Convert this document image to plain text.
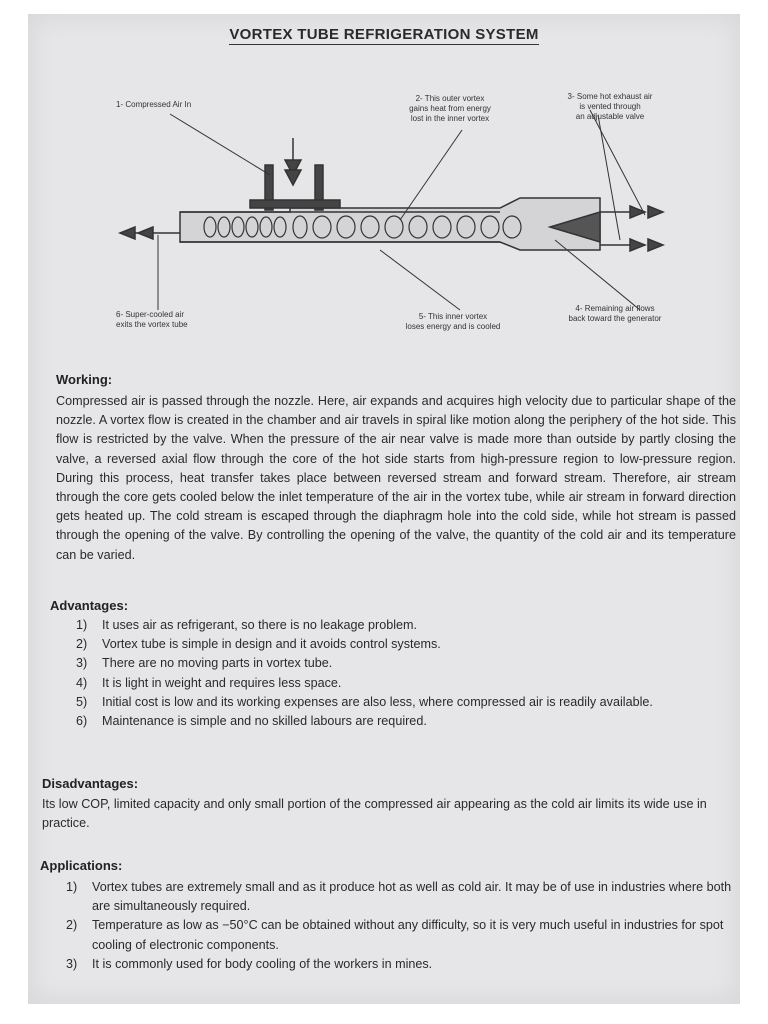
VORTEX TUBE REFRIGERATION SYSTEM
1- Compressed Air In
2- This outer vortex
gains heat from energy
lost in the inner vortex
3- Some hot exhaust air
is vented through
an adjustable valve
4- Remaining air flows
back toward the generator
5- This inner vortex
loses energy and is cooled
6- Super-cooled air
exits the vortex tube
Working:
Compressed air is passed through the nozzle. Here, air expands and acquires high velocity due to particular shape of the nozzle. A vortex flow is created in the chamber and air travels in spiral like motion along the periphery of the hot side. This flow is restricted by the valve. When the pressure of the air near valve is made more than outside by partly closing the valve, a reversed axial flow through the core of the hot side starts from high-pressure region to low-pressure region. During this process, heat transfer takes place between reversed stream and forward stream. Therefore, air stream through the core gets cooled below the inlet temperature of the air in the vortex tube, while air stream in forward direction gets heated up. The cold stream is escaped through the diaphragm hole into the cold side, while hot stream is passed through the opening of the valve. By controlling the opening of the valve, the quantity of the cold air and its temperature can be varied.
Advantages:
1) It uses air as refrigerant, so there is no leakage problem.
2) Vortex tube is simple in design and it avoids control systems.
3) There are no moving parts in vortex tube.
4) It is light in weight and requires less space.
5) Initial cost is low and its working expenses are also less, where compressed air is readily available.
6) Maintenance is simple and no skilled labours are required.
Disadvantages:
Its low COP, limited capacity and only small portion of the compressed air appearing as the cold air limits its wide use in practice.
Applications:
1) Vortex tubes are extremely small and as it produce hot as well as cold air. It may be of use in industries where both are simultaneously required.
2) Temperature as low as −50°C can be obtained without any difficulty, so it is very much useful in industries for spot cooling of electronic components.
3) It is commonly used for body cooling of the workers in mines.
